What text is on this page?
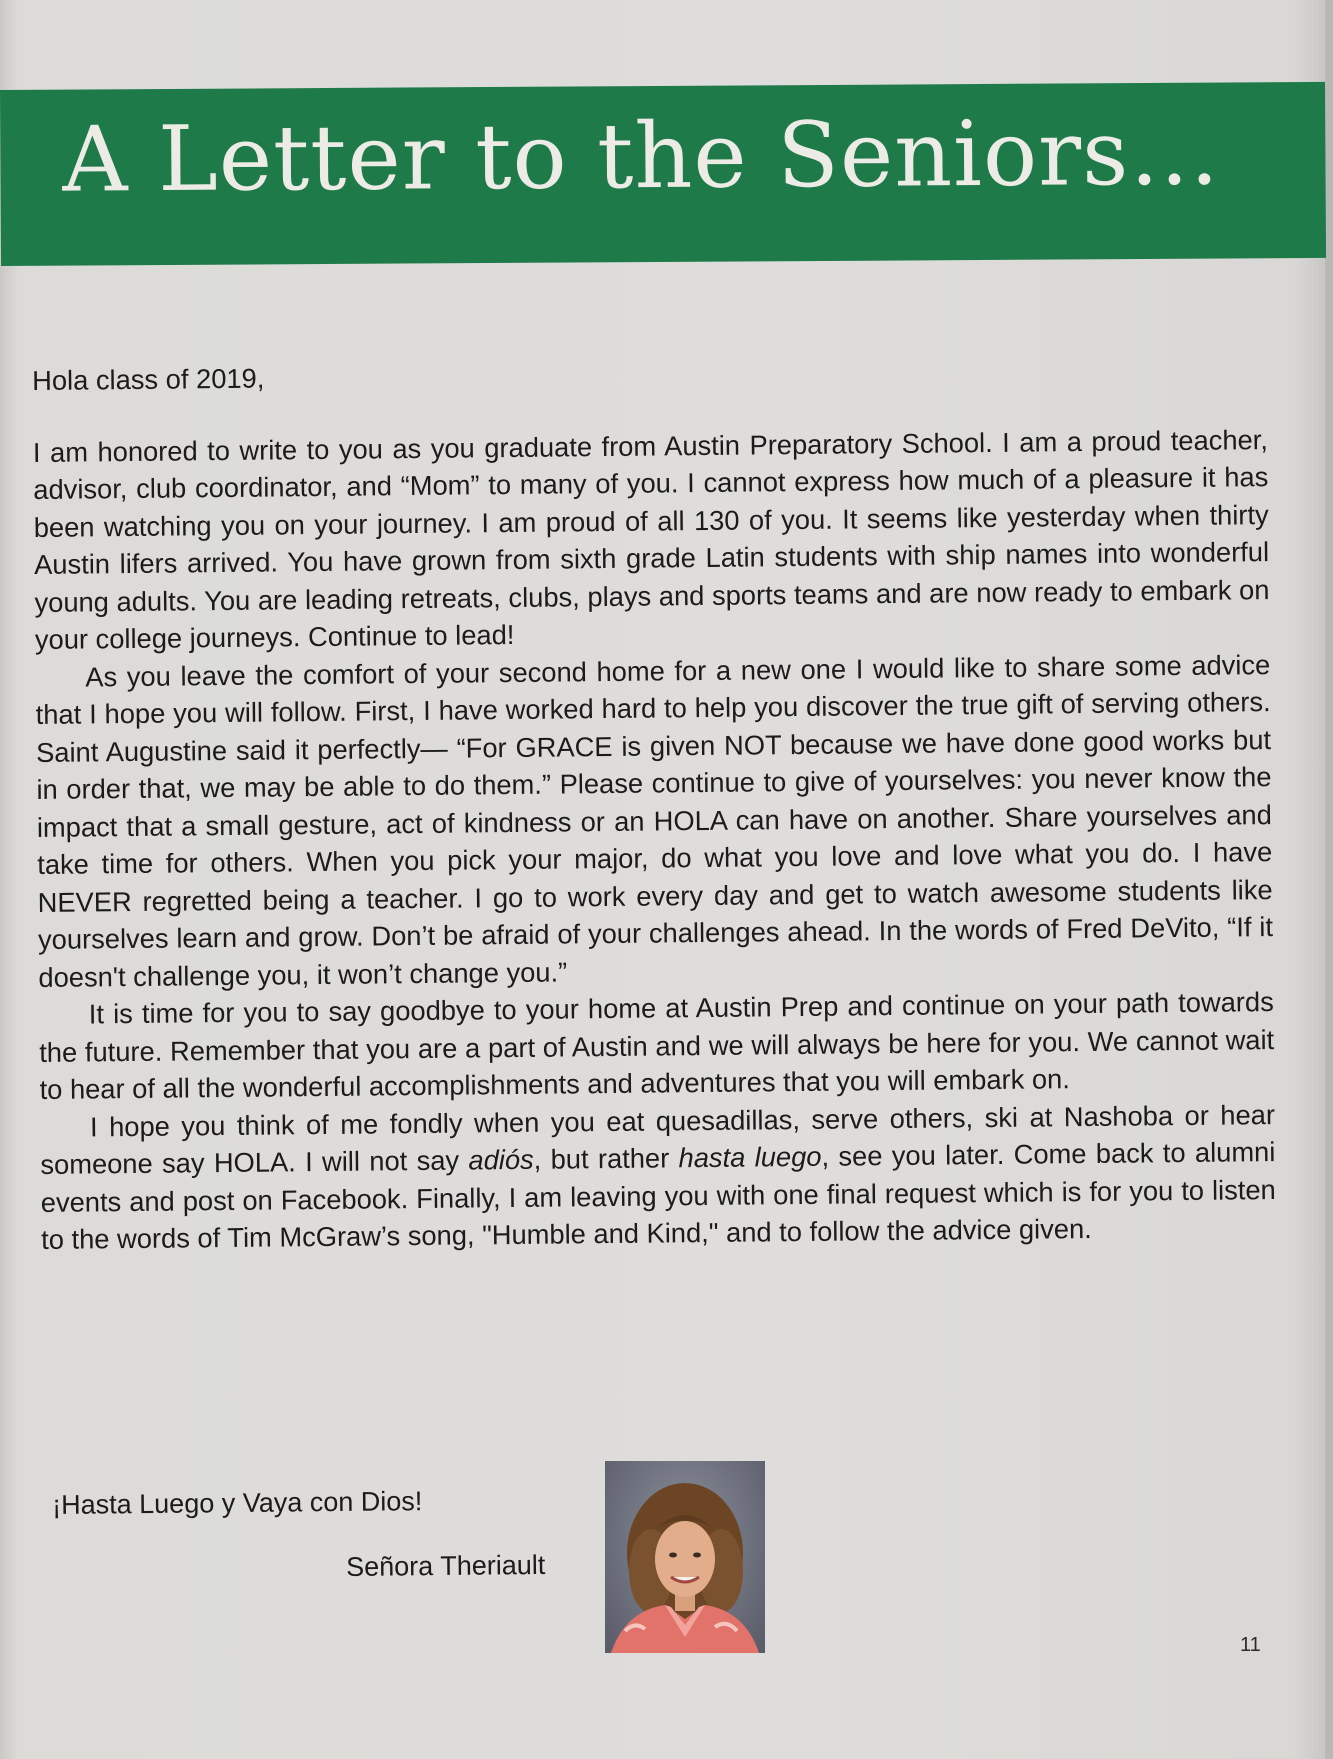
A Letter to the Seniors…

Hola class of 2019,

I am honored to write to you as you graduate from Austin Preparatory School. I am a proud teacher, advisor, club coordinator, and “Mom” to many of you. I cannot express how much of a pleasure it has been watching you on your journey. I am proud of all 130 of you. It seems like yesterday when thirty Austin lifers arrived. You have grown from sixth grade Latin students with ship names into wonderful young adults. You are leading retreats, clubs, plays and sports teams and are now ready to embark on your college journeys. Continue to lead!

As you leave the comfort of your second home for a new one I would like to share some advice that I hope you will follow. First, I have worked hard to help you discover the true gift of serving others. Saint Augustine said it perfectly— “For GRACE is given NOT because we have done good works but in order that, we may be able to do them.” Please continue to give of yourselves: you never know the impact that a small gesture, act of kindness or an HOLA can have on another. Share yourselves and take time for others. When you pick your major, do what you love and love what you do. I have NEVER regretted being a teacher. I go to work every day and get to watch awesome students like yourselves learn and grow. Don’t be afraid of your challenges ahead. In the words of Fred DeVito, “If it doesn't challenge you, it won’t change you.”

It is time for you to say goodbye to your home at Austin Prep and continue on your path towards the future. Remember that you are a part of Austin and we will always be here for you. We cannot wait to hear of all the wonderful accomplishments and adventures that you will embark on.

I hope you think of me fondly when you eat quesadillas, serve others, ski at Nashoba or hear someone say HOLA. I will not say adiós, but rather hasta luego, see you later. Come back to alumni events and post on Facebook. Finally, I am leaving you with one final request which is for you to listen to the words of Tim McGraw’s song, "Humble and Kind," and to follow the advice given.

¡Hasta Luego y Vaya con Dios!
Señora Theriault
11
